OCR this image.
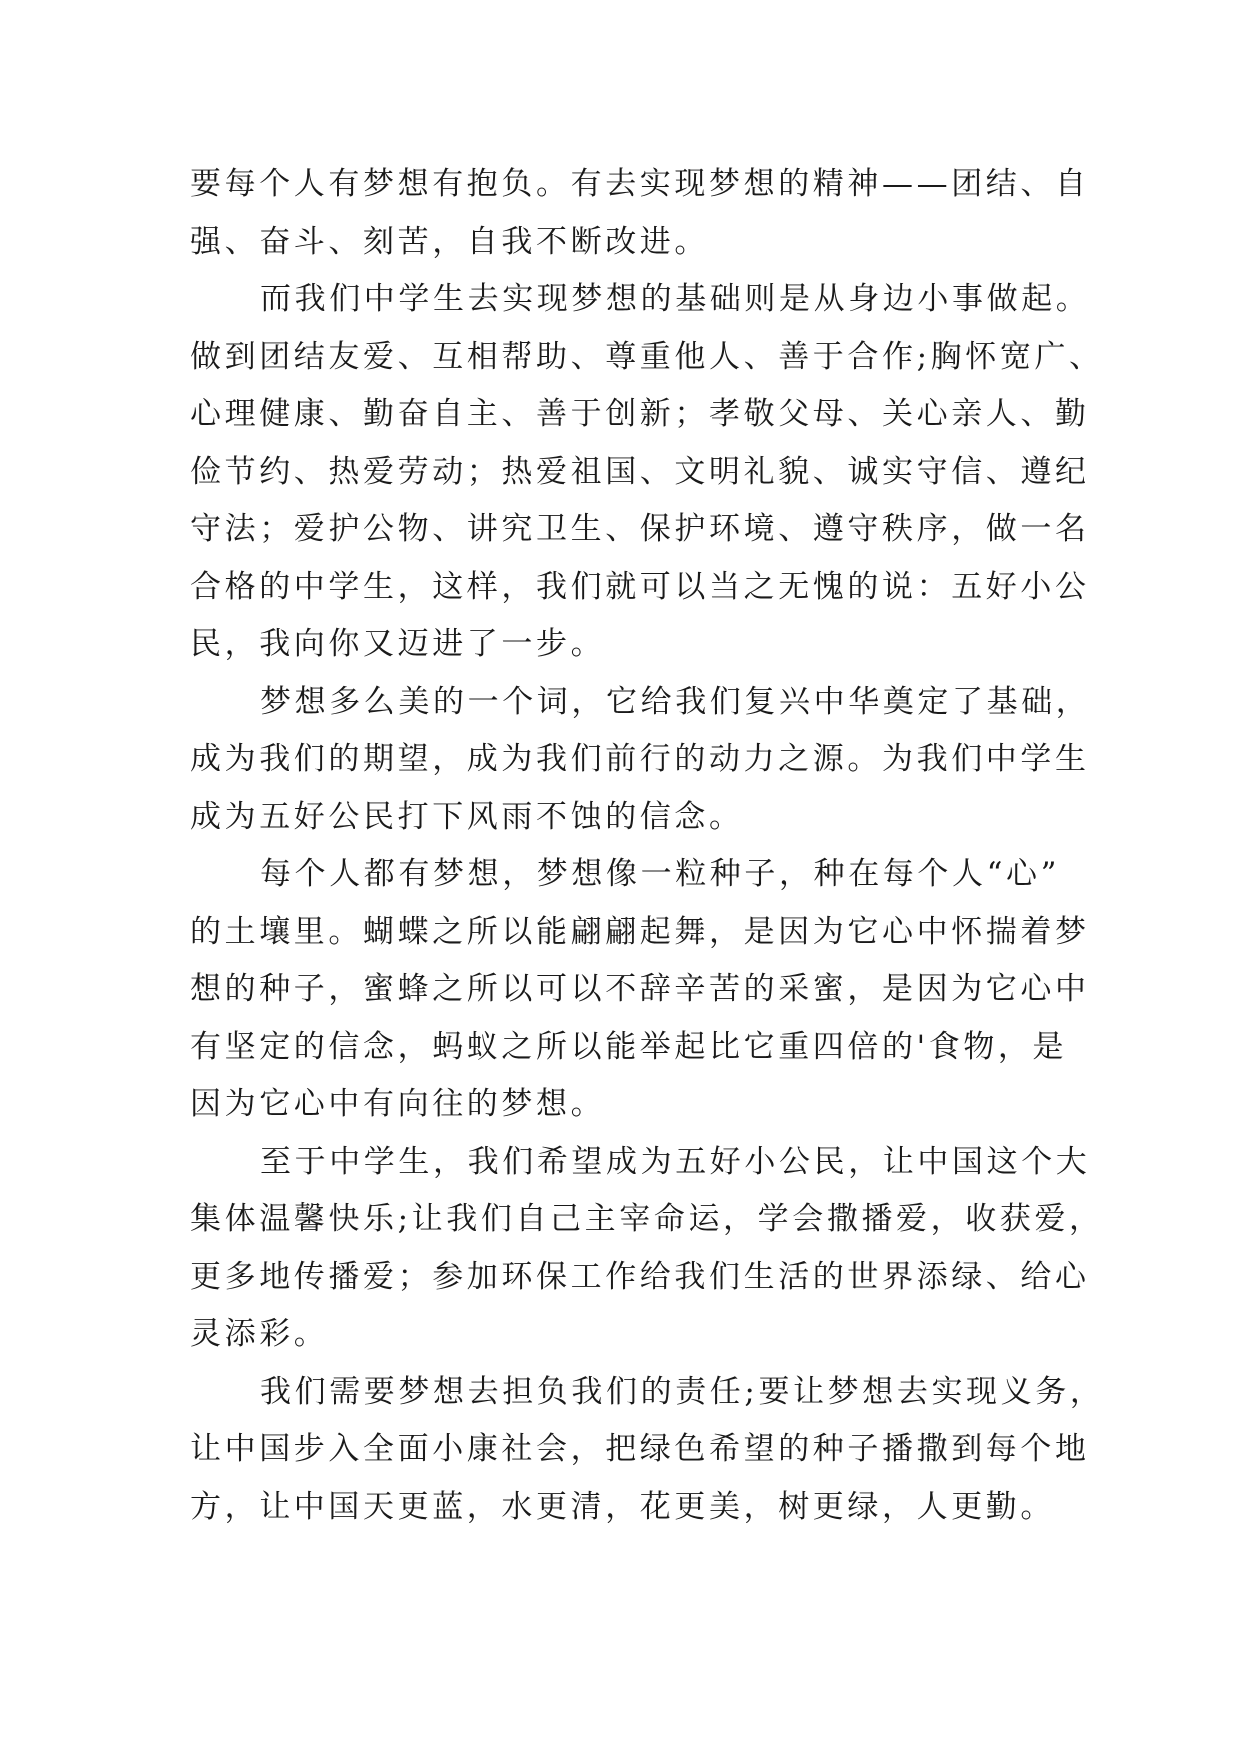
要每个人有梦想有抱负。有去实现梦想的精神——团结、自
强、奋斗、刻苦，自我不断改进。
而我们中学生去实现梦想的基础则是从身边小事做起。
做到团结友爱、互相帮助、尊重他人、善于合作;胸怀宽广、
心理健康、勤奋自主、善于创新；孝敬父母、关心亲人、勤
俭节约、热爱劳动；热爱祖国、文明礼貌、诚实守信、遵纪
守法；爱护公物、讲究卫生、保护环境、遵守秩序，做一名
合格的中学生，这样，我们就可以当之无愧的说：五好小公
民，我向你又迈进了一步。
梦想多么美的一个词，它给我们复兴中华奠定了基础，
成为我们的期望，成为我们前行的动力之源。为我们中学生
成为五好公民打下风雨不蚀的信念。
每个人都有梦想，梦想像一粒种子，种在每个人“心”
的土壤里。蝴蝶之所以能翩翩起舞，是因为它心中怀揣着梦
想的种子，蜜蜂之所以可以不辞辛苦的采蜜，是因为它心中
有坚定的信念，蚂蚁之所以能举起比它重四倍的'食物，是
因为它心中有向往的梦想。
至于中学生，我们希望成为五好小公民，让中国这个大
集体温馨快乐;让我们自己主宰命运，学会撒播爱，收获爱，
更多地传播爱；参加环保工作给我们生活的世界添绿、给心
灵添彩。
我们需要梦想去担负我们的责任;要让梦想去实现义务，
让中国步入全面小康社会，把绿色希望的种子播撒到每个地
方，让中国天更蓝，水更清，花更美，树更绿，人更勤。
